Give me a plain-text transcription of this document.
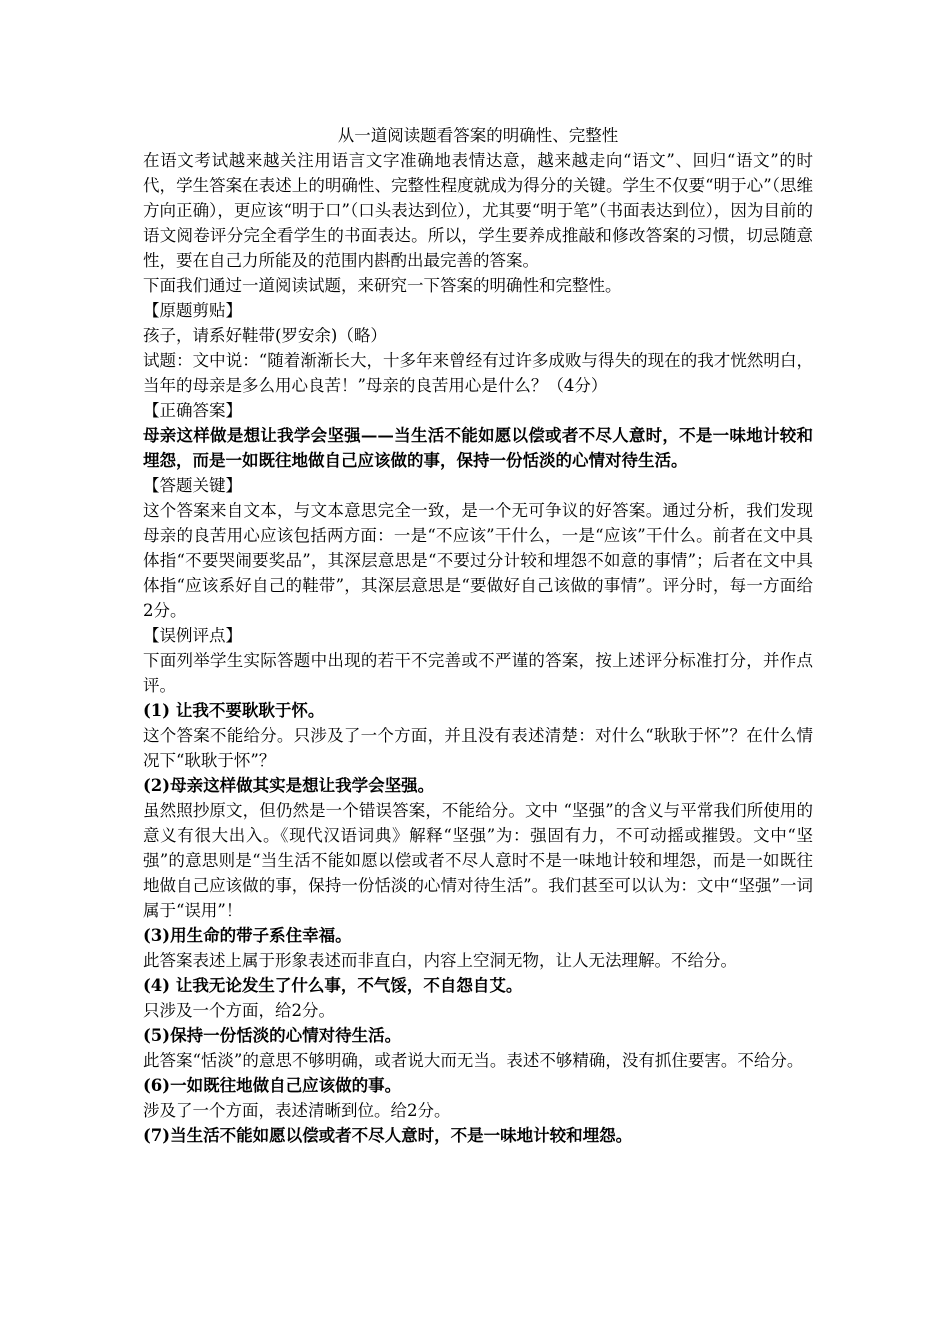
从一道阅读题看答案的明确性、完整性

在语文考试越来越关注用语言文字准确地表情达意，越来越走向“语文”、回归“语文”的时代，学生答案在表述上的明确性、完整性程度就成为得分的关键。学生不仅要“明于心”（思维方向正确），更应该“明于口”（口头表达到位），尤其要“明于笔”（书面表达到位），因为目前的语文阅卷评分完全看学生的书面表达。所以，学生要养成推敲和修改答案的习惯，切忌随意性，要在自己力所能及的范围内斟酌出最完善的答案。

下面我们通过一道阅读试题，来研究一下答案的明确性和完整性。

【原题剪贴】

孩子，请系好鞋带(罗安余)（略）

试题：文中说：“随着渐渐长大，十多年来曾经有过许多成败与得失的现在的我才恍然明白，当年的母亲是多么用心良苦！”母亲的良苦用心是什么？（4分）

【正确答案】

母亲这样做是想让我学会坚强——当生活不能如愿以偿或者不尽人意时，不是一味地计较和埋怨，而是一如既往地做自己应该做的事，保持一份恬淡的心情对待生活。

【答题关键】

这个答案来自文本，与文本意思完全一致，是一个无可争议的好答案。通过分析，我们发现母亲的良苦用心应该包括两方面：一是“不应该”干什么，一是“应该”干什么。前者在文中具体指“不要哭闹要奖品”，其深层意思是“不要过分计较和埋怨不如意的事情”；后者在文中具体指“应该系好自己的鞋带”，其深层意思是“要做好自己该做的事情”。评分时，每一方面给2分。

【误例评点】

下面列举学生实际答题中出现的若干不完善或不严谨的答案，按上述评分标准打分，并作点评。

(1) 让我不要耿耿于怀。

这个答案不能给分。只涉及了一个方面，并且没有表述清楚：对什么“耿耿于怀”？在什么情况下“耿耿于怀”？

(2)母亲这样做其实是想让我学会坚强。

虽然照抄原文，但仍然是一个错误答案，不能给分。文中 “坚强”的含义与平常我们所使用的意义有很大出入。《现代汉语词典》解释“坚强”为：强固有力，不可动摇或摧毁。文中“坚强”的意思则是“当生活不能如愿以偿或者不尽人意时不是一味地计较和埋怨，而是一如既往地做自己应该做的事，保持一份恬淡的心情对待生活”。我们甚至可以认为：文中“坚强”一词属于“误用”！

(3)用生命的带子系住幸福。

此答案表述上属于形象表述而非直白，内容上空洞无物，让人无法理解。不给分。

(4) 让我无论发生了什么事，不气馁，不自怨自艾。

只涉及一个方面，给2分。

(5)保持一份恬淡的心情对待生活。

此答案“恬淡”的意思不够明确，或者说大而无当。表述不够精确，没有抓住要害。不给分。

(6)一如既往地做自己应该做的事。

涉及了一个方面，表述清晰到位。给2分。

(7)当生活不能如愿以偿或者不尽人意时，不是一味地计较和埋怨。
